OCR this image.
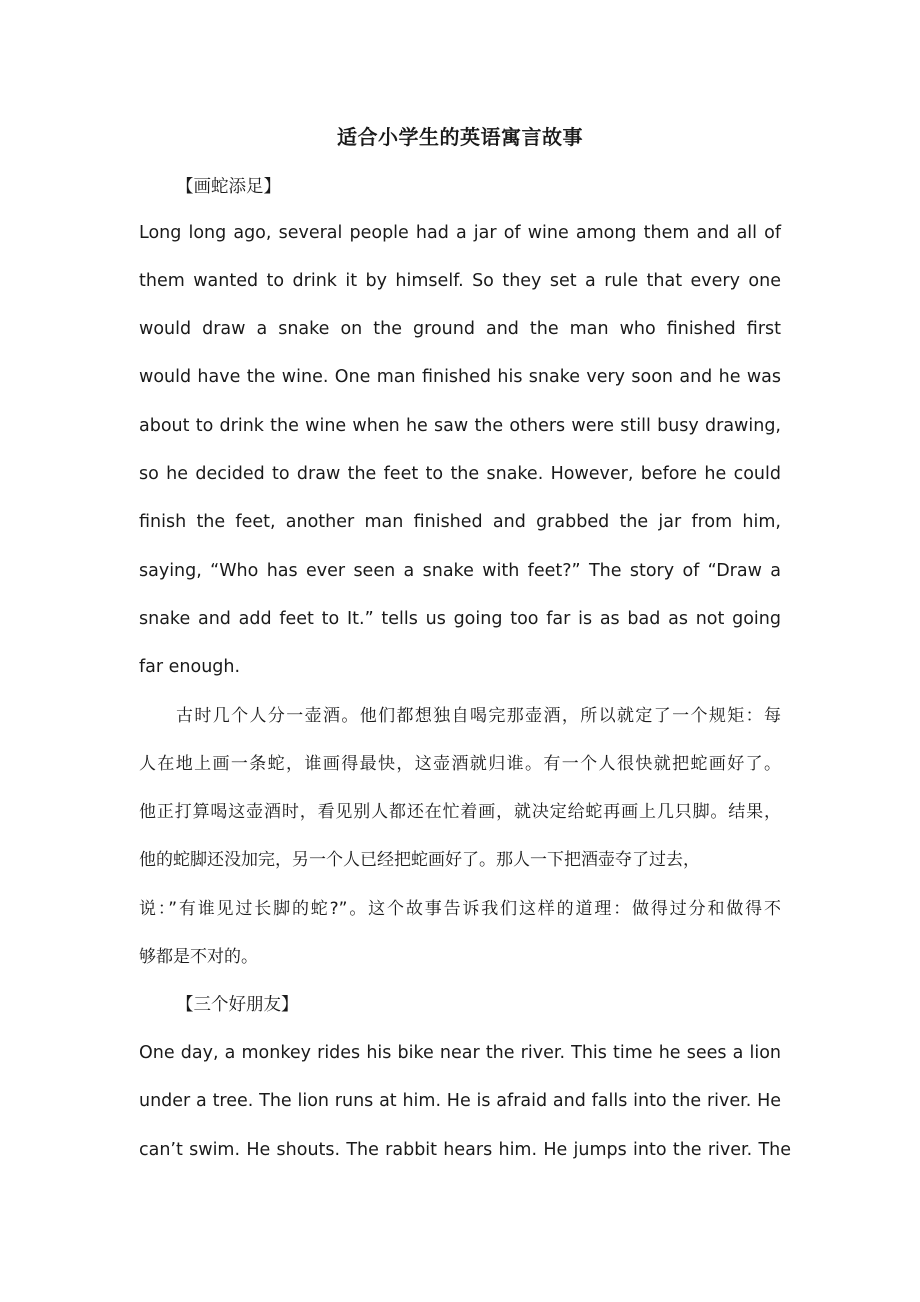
适合小学生的英语寓言故事
【画蛇添足】
Long long ago, several people had a jar of wine among them and all of
them wanted to drink it by himself. So they set a rule that every one
would draw a snake on the ground and the man who finished first
would have the wine. One man finished his snake very soon and he was
about to drink the wine when he saw the others were still busy drawing,
so he decided to draw the feet to the snake. However, before he could
finish the feet, another man finished and grabbed the jar from him,
saying, “Who has ever seen a snake with feet?” The story of “Draw a
snake and add feet to It.” tells us going too far is as bad as not going
far enough.
古时几个人分一壶酒。他们都想独自喝完那壶酒，所以就定了一个规矩：每
人在地上画一条蛇，谁画得最快，这壶酒就归谁。有一个人很快就把蛇画好了。
他正打算喝这壶酒时，看见别人都还在忙着画，就决定给蛇再画上几只脚。结果，
他的蛇脚还没加完，另一个人已经把蛇画好了。那人一下把酒壶夺了过去，
说：”有谁见过长脚的蛇?”。这个故事告诉我们这样的道理：做得过分和做得不
够都是不对的。
【三个好朋友】
One day, a monkey rides his bike near the river. This time he sees a lion
under a tree. The lion runs at him. He is afraid and falls into the river. He
can’t swim. He shouts. The rabbit hears him. He jumps into the river. The
